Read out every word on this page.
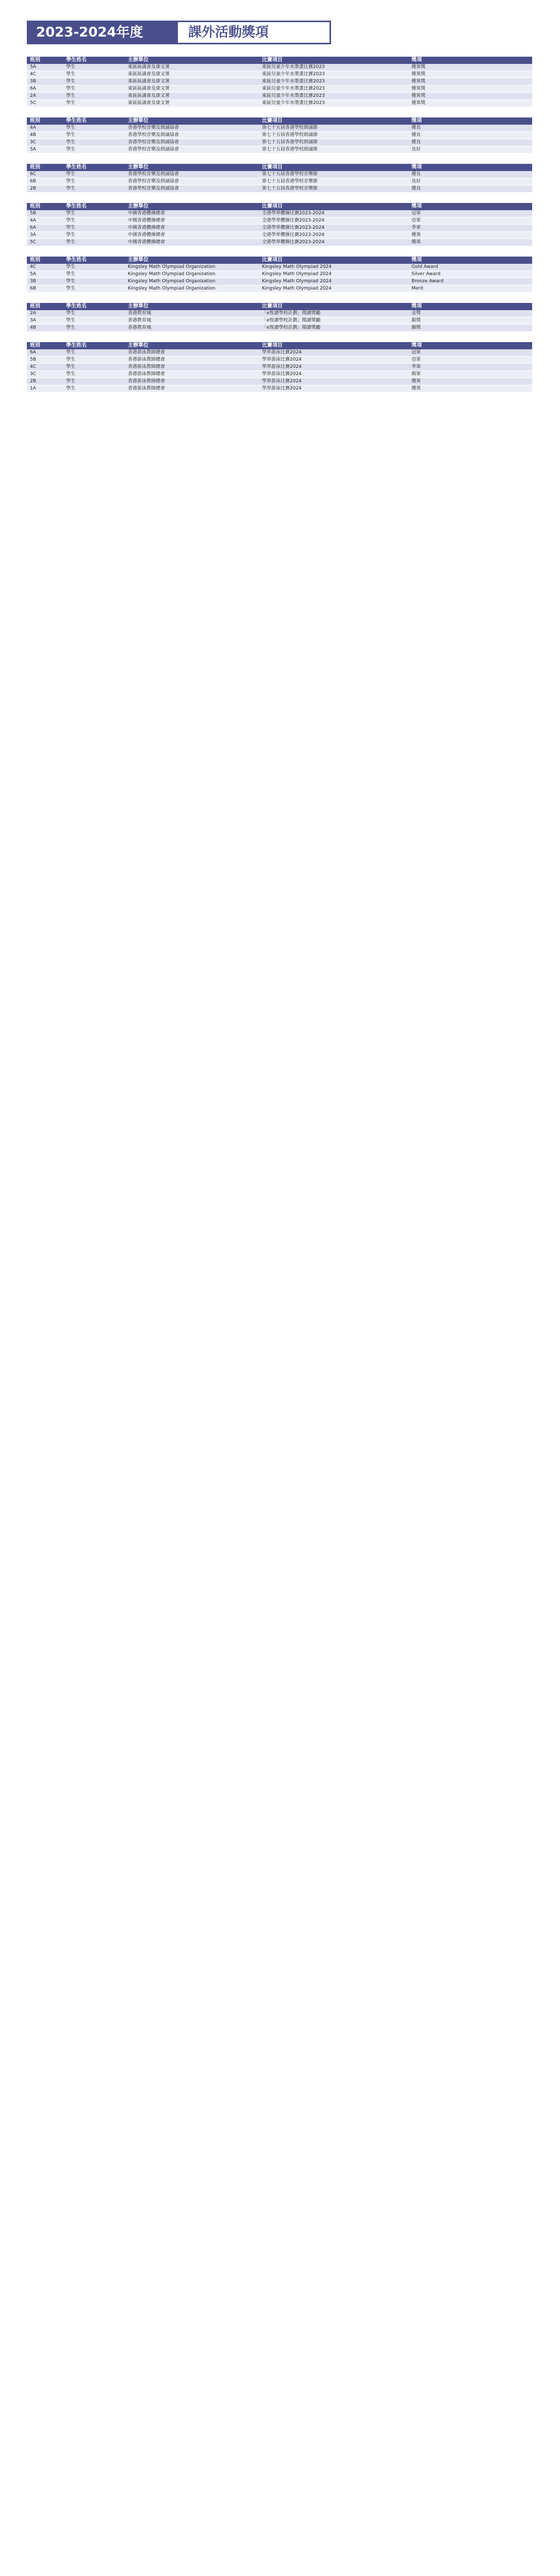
2023-2024年度	課外活動獎項
班別	學生姓名	主辦單位	比賽項目	獎項
5A	學生	東區區議會及康文署	東區兒童少年水墨畫比賽2023	優異獎
4C	學生	東區區議會及康文署	東區兒童少年水墨畫比賽2023	優異獎
3B	學生	東區區議會及康文署	東區兒童少年水墨畫比賽2023	優異獎
6A	學生	東區區議會及康文署	東區兒童少年水墨畫比賽2023	優異獎
2A	學生	東區區議會及康文署	東區兒童少年水墨畫比賽2023	優異獎
5C	學生	東區區議會及康文署	東區兒童少年水墨畫比賽2023	優異獎
班別	學生姓名	主辦單位	比賽項目	獎項
4A	學生	香港學校音樂及朗誦協會	第七十五屆香港學校朗誦節	優良
4B	學生	香港學校音樂及朗誦協會	第七十五屆香港學校朗誦節	優良
3C	學生	香港學校音樂及朗誦協會	第七十五屆香港學校朗誦節	優良
5A	學生	香港學校音樂及朗誦協會	第七十五屆香港學校朗誦節	良好
班別	學生姓名	主辦單位	比賽項目	獎項
6C	學生	香港學校音樂及朗誦協會	第七十五屆香港學校音樂節	優良
6B	學生	香港學校音樂及朗誦協會	第七十五屆香港學校音樂節	良好
2B	學生	香港學校音樂及朗誦協會	第七十五屆香港學校音樂節	優良
班別	學生姓名	主辦單位	比賽項目	獎項
5B	學生	中國香港體操總會	全港學界體操比賽2023-2024	冠軍
4A	學生	中國香港體操總會	全港學界體操比賽2023-2024	亞軍
6A	學生	中國香港體操總會	全港學界體操比賽2023-2024	季軍
3A	學生	中國香港體操總會	全港學界體操比賽2023-2024	優異
5C	學生	中國香港體操總會	全港學界體操比賽2023-2024	優異
班別	學生姓名	主辦單位	比賽項目	獎項
4C	學生	Kingsley Math Olympiad Organization	Kingsley Math Olympiad 2024	Gold Award
5A	學生	Kingsley Math Olympiad Organization	Kingsley Math Olympiad 2024	Silver Award
3B	學生	Kingsley Math Olympiad Organization	Kingsley Math Olympiad 2024	Bronze Award
6B	學生	Kingsley Math Olympiad Organization	Kingsley Math Olympiad 2024	Merit
班別	學生姓名	主辦單位	比賽項目	獎項
2A	學生	香港教育城	「e悅讀學校計劃」閱讀獎勵	金獎
3A	學生	香港教育城	「e悅讀學校計劃」閱讀獎勵	銀獎
4B	學生	香港教育城	「e悅讀學校計劃」閱讀獎勵	銅獎
班別	學生姓名	主辦單位	比賽項目	獎項
6A	學生	香港游泳教師總會	學界游泳比賽2024	冠軍
5B	學生	香港游泳教師總會	學界游泳比賽2024	亞軍
4C	學生	香港游泳教師總會	學界游泳比賽2024	季軍
3C	學生	香港游泳教師總會	學界游泳比賽2024	殿軍
2B	學生	香港游泳教師總會	學界游泳比賽2024	優異
1A	學生	香港游泳教師總會	學界游泳比賽2024	優異
